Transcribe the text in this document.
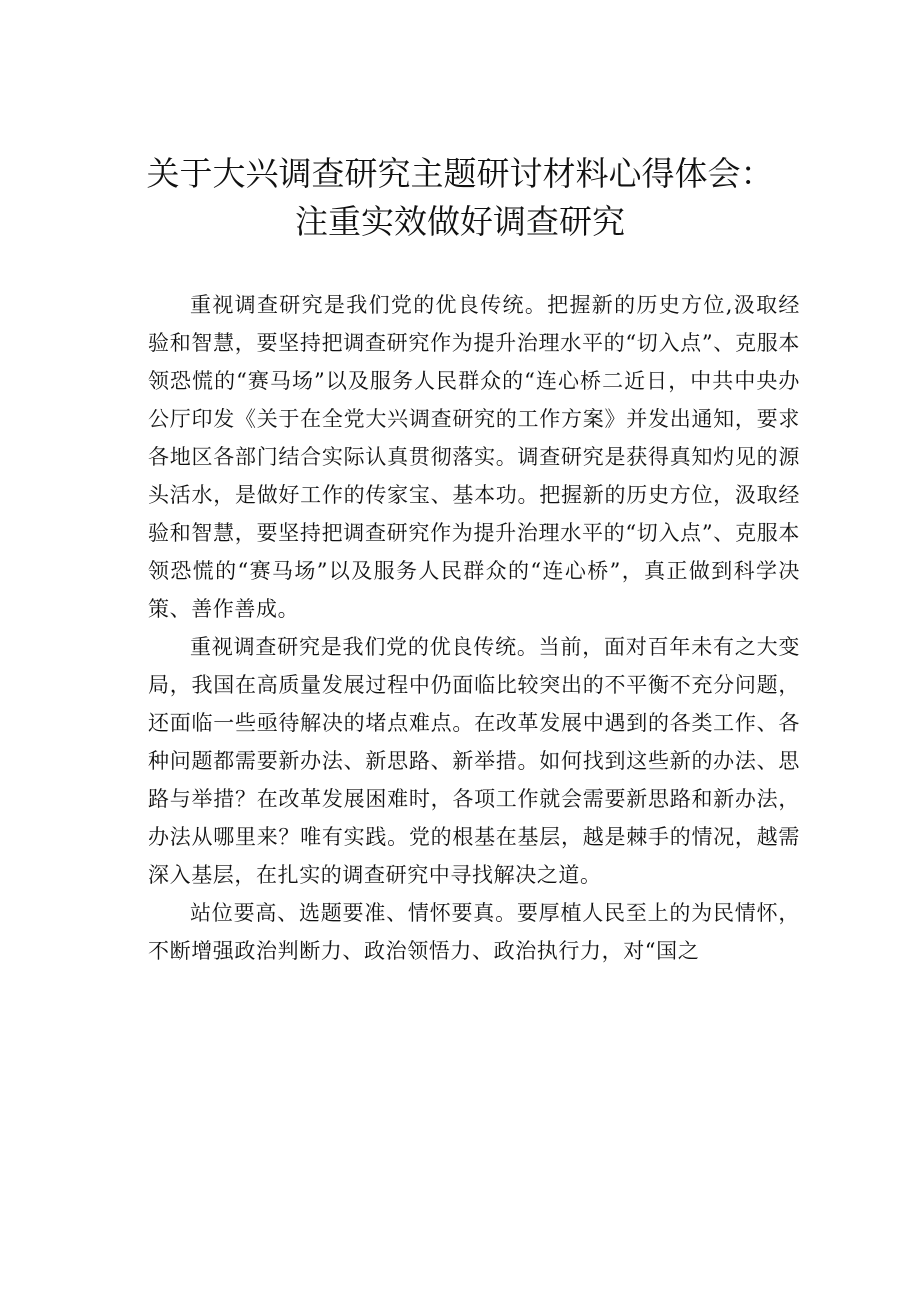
关于大兴调查研究主题研讨材料心得体会：
注重实效做好调查研究

重视调查研究是我们党的优良传统。把握新的历史方位,汲取经验和智慧，要坚持把调查研究作为提升治理水平的“切入点”、克服本领恐慌的“赛马场”以及服务人民群众的“连心桥二近日，中共中央办公厅印发《关于在全党大兴调查研究的工作方案》并发出通知，要求各地区各部门结合实际认真贯彻落实。调查研究是获得真知灼见的源头活水，是做好工作的传家宝、基本功。把握新的历史方位，汲取经验和智慧，要坚持把调查研究作为提升治理水平的“切入点”、克服本领恐慌的“赛马场”以及服务人民群众的“连心桥”，真正做到科学决策、善作善成。

重视调查研究是我们党的优良传统。当前，面对百年未有之大变局，我国在高质量发展过程中仍面临比较突出的不平衡不充分问题，还面临一些亟待解决的堵点难点。在改革发展中遇到的各类工作、各种问题都需要新办法、新思路、新举措。如何找到这些新的办法、思路与举措？在改革发展困难时，各项工作就会需要新思路和新办法，办法从哪里来？唯有实践。党的根基在基层，越是棘手的情况，越需深入基层，在扎实的调查研究中寻找解决之道。

站位要高、选题要准、情怀要真。要厚植人民至上的为民情怀，不断增强政治判断力、政治领悟力、政治执行力，对“国之
